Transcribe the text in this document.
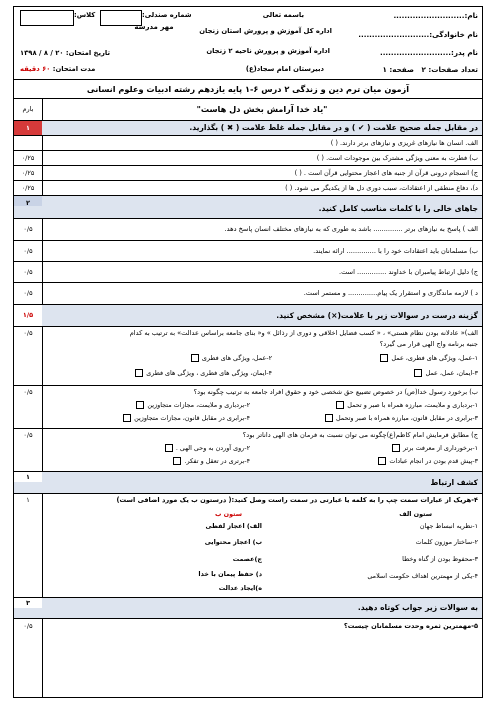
نام:..........................
نام خانوادگی:..........................
نام پدر:..........................
تعداد صفحات: ۲   صفحه: ۱
باسمه تعالی
اداره کل آموزش و پرورش استان زنجان
اداره آموزش و پرورش ناحیه ۲ زنجان
دبیرستان امام سجاد(ع)
شماره صندلی:
کلاس:
مهر مدرسه
تاریخ امتحان: ۲۰ / ۸ / ۱۳۹۸
مدت امتحان: ۶۰ دقیقه
آزمون میان ترم دین و زندگی ۲ درس ۶-۱ پایه یازدهم رشته ادبیات وعلوم انسانی
بارم	"یاد خدا آرامش بخش دل هاست"
۱	در مقابل جمله صحیح علامت ( ✔ ) و در مقابل جمله غلط علامت ( ✖ ) بگذارید.
الف. انسان ها نیازهای غریزی و نیازهای برتر دارند. ( )
۰/۲۵	ب) فطرت به معنی ویژگی مشترک بین موجودات است. ( )
۰/۲۵	ج) انسجام درونی قرآن از جنبه های اعجاز محتوایی قرآن است . ( )
۰/۲۵	د)، دفاع منطقی از اعتقادات، سبب دوری دل ها از یکدیگر می شود. ( )
۲
جاهای خالی را با کلمات مناسب کامل کنید.
۰/۵	الف ) پاسخ به نیازهای برتر .............. باشد به طوری که به نیازهای مختلف انسان پاسخ دهد.
۰/۵	ب) مسلمانان باید اعتقادات خود را با .............. ارائه نمایند.
۰/۵	ج) دلیل ارتباط پیامبران با خداوند .............. است.
۰/۵	د ) لازمه ماندگاری و استقرار یک پیام.............. و مستمر است.
۱/۵	گزینه درست در سوالات زیر با علامت(×) مشخص کنید.
۰/۵	الف)« عادلانه بودن نظام هستی» ، « کسب فضایل اخلاقی و دوری از رذائل » و« بنای جامعه براساس عدالت» به ترتیب به کدام
جنبه برنامه واج الهی قرار می گیرد؟
۱-عمل، ویژگی های فطری، عمل
۲-عمل، ویژگی های فطری
۳-ایمان، عمل، عمل
۴-ایمان، ویژگی های فطری ، ویژگی های فطری
۰/۵	ب) برخورد رسول خدا(ص) در خصوص تضییع حق شخصی خود و حقوق افراد جامعه به ترتیب چگونه بود؟
۱-بردباری و ملایمت، مبارزه همراه با صبر و تحمل
۲-بردباری و ملایمت، مجازات متجاوزین
۳-برابری در مقابل قانون، مبارزه همراه با صبر وتحمل
۴-برابری در مقابل قانون، مجازات متجاوزین
۰/۵	ج) مطابق فرمایش امام کاظم(ع)چگونه می توان نسبت به فرمان های الهی داناتر بود؟
۱-برخورداری از معرفت برتر
۲-روی آوردن به وحی الهی .
۳-پیش قدم بودن در انجام عبادات
۴-برتری در تعقل و تفکر.
۱
کشف ارتباط
۱	۴-هریک از عبارات سمت چپ را به کلمه یا عبارتی در سمت راست وصل کنید:( درستون ب یک مورد اضافی است)
ستون الف
ستون ب
۱-نظریه انبساط جهان
۲-ساختار موزون کلمات
۳-محفوظ بودن از گناه وخطا
۴-یکی از مهمترین اهداف حکومت اسلامی
الف) اعجاز لفظی
ب) اعجاز محتوایی
ج)عصمت
د) حفظ پیمان با خدا
ه)ایجاد عدالت
۳	به سوالات زیر جواب کوتاه دهید.
۰/۵	۵-مهمترین ثمره وحدت مسلمانان چیست؟
